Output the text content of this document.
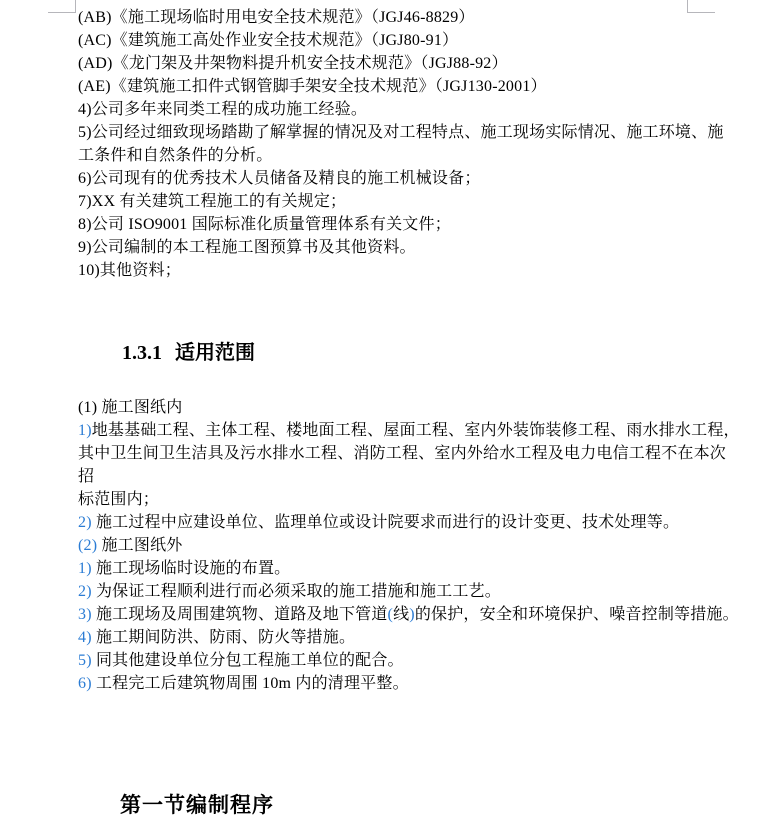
(AB)《施工现场临时用电安全技术规范》（JGJ46-8829）
(AC)《建筑施工高处作业安全技术规范》（JGJ80-91）
(AD)《龙门架及井架物料提升机安全技术规范》（JGJ88-92）
(AE)《建筑施工扣件式钢管脚手架安全技术规范》（JGJ130-2001）
4)公司多年来同类工程的成功施工经验。
5)公司经过细致现场踏勘了解掌握的情况及对工程特点、施工现场实际情况、施工环境、施
工条件和自然条件的分析。
6)公司现有的优秀技术人员储备及精良的施工机械设备；
7)XX 有关建筑工程施工的有关规定；
8)公司 ISO9001 国际标准化质量管理体系有关文件；
9)公司编制的本工程施工图预算书及其他资料。
10)其他资料；
1.3.1 适用范围
(1) 施工图纸内
1)地基基础工程、主体工程、楼地面工程、屋面工程、室内外装饰装修工程、雨水排水工程，
其中卫生间卫生洁具及污水排水工程、消防工程、室内外给水工程及电力电信工程不在本次
招
标范围内；
2) 施工过程中应建设单位、监理单位或设计院要求而进行的设计变更、技术处理等。
(2) 施工图纸外
1) 施工现场临时设施的布置。
2) 为保证工程顺利进行而必须采取的施工措施和施工工艺。
3) 施工现场及周围建筑物、道路及地下管道(线)的保护，安全和环境保护、噪音控制等措施。
4) 施工期间防洪、防雨、防火等措施。
5) 同其他建设单位分包工程施工单位的配合。
6) 工程完工后建筑物周围 10m 内的清理平整。
第一节编制程序
